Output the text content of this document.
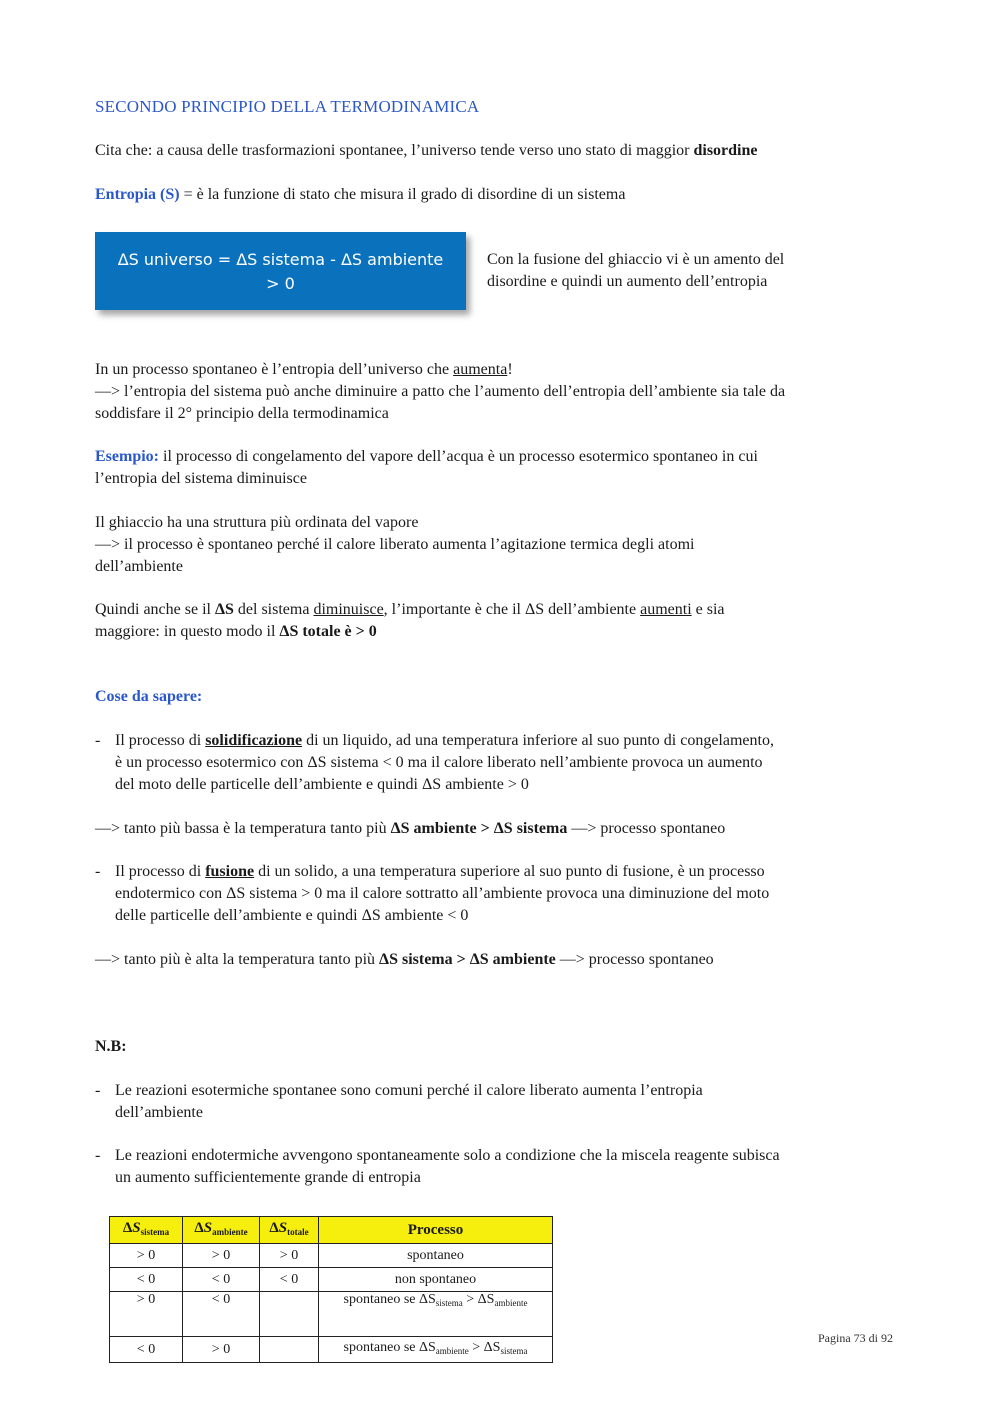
SECONDO PRINCIPIO DELLA TERMODINAMICA
Cita che: a causa delle trasformazioni spontanee, l’universo tende verso uno stato di maggior disordine
Entropia (S) = è la funzione di stato che misura il grado di disordine di un sistema
ΔS universo = ΔS sistema - ΔS ambiente
> 0
Con la fusione del ghiaccio vi è un amento del
disordine e quindi un aumento dell’entropia
In un processo spontaneo è l’entropia dell’universo che aumenta!
—> l’entropia del sistema può anche diminuire a patto che l’aumento dell’entropia dell’ambiente sia tale da
soddisfare il 2° principio della termodinamica
Esempio: il processo di congelamento del vapore dell’acqua è un processo esotermico spontaneo in cui
l’entropia del sistema diminuisce
Il ghiaccio ha una struttura più ordinata del vapore
—> il processo è spontaneo perché il calore liberato aumenta l’agitazione termica degli atomi
dell’ambiente
Quindi anche se il ΔS del sistema diminuisce, l’importante è che il ΔS dell’ambiente aumenti e sia
maggiore: in questo modo il ΔS totale è > 0
Cose da sapere:
- Il processo di solidificazione di un liquido, ad una temperatura inferiore al suo punto di congelamento,
è un processo esotermico con ΔS sistema < 0 ma il calore liberato nell’ambiente provoca un aumento
del moto delle particelle dell’ambiente e quindi ΔS ambiente > 0
—> tanto più bassa è la temperatura tanto più ΔS ambiente > ΔS sistema —> processo spontaneo
- Il processo di fusione di un solido, a una temperatura superiore al suo punto di fusione, è un processo
endotermico con ΔS sistema > 0 ma il calore sottratto all’ambiente provoca una diminuzione del moto
delle particelle dell’ambiente e quindi ΔS ambiente < 0
—> tanto più è alta la temperatura tanto più ΔS sistema > ΔS ambiente —> processo spontaneo
N.B:
- Le reazioni esotermiche spontanee sono comuni perché il calore liberato aumenta l’entropia
dell’ambiente
- Le reazioni endotermiche avvengono spontaneamente solo a condizione che la miscela reagente subisca
un aumento sufficientemente grande di entropia
$\Delta S_{sistema}$	$\Delta S_{ambiente}$	$\Delta S_{totale}$	Processo
> 0	> 0	> 0	spontaneo
< 0	< 0	< 0	non spontaneo
> 0	< 0		spontaneo se $\Delta S_{sistema} > \Delta S_{ambiente}$
< 0	> 0		spontaneo se $\Delta S_{ambiente} > \Delta S_{sistema}$
Pagina 73 di 92
